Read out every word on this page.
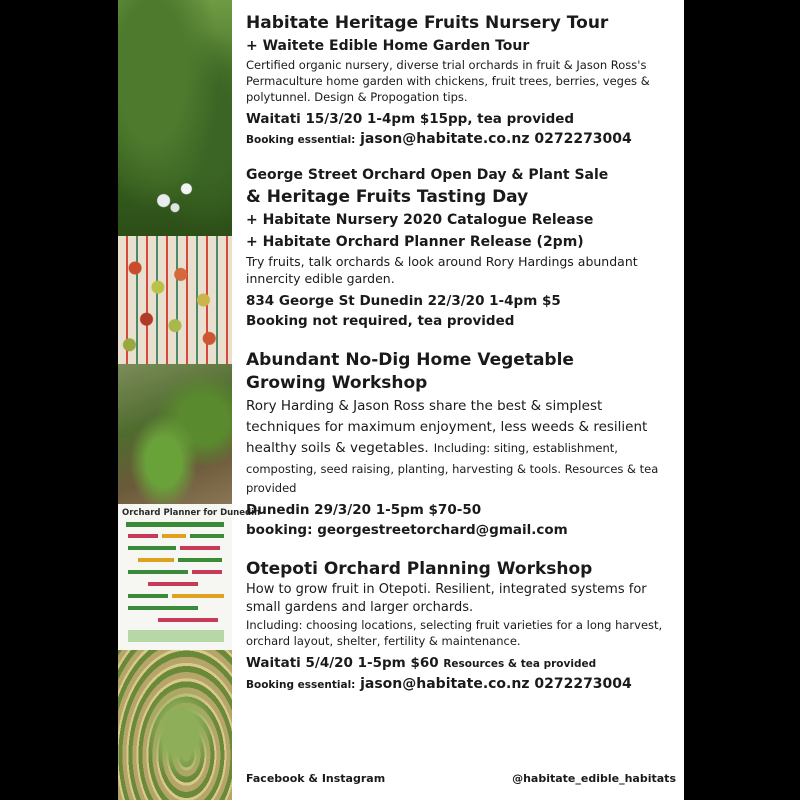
Orchard Planner for Dunedin
Habitate Heritage Fruits Nursery Tour
+ Waitete Edible Home Garden Tour
Certified organic nursery, diverse trial orchards in fruit & Jason Ross's Permaculture home garden with chickens, fruit trees, berries, veges & polytunnel. Design & Propogation tips.
Waitati 15/3/20 1-4pm $15pp, tea provided
Booking essential: jason@habitate.co.nz 0272273004
George Street Orchard Open Day & Plant Sale
& Heritage Fruits Tasting Day
+ Habitate Nursery 2020 Catalogue Release
+ Habitate Orchard Planner Release (2pm)
Try fruits, talk orchards & look around Rory Hardings abundant innercity edible garden.
834 George St Dunedin 22/3/20 1-4pm $5
Booking not required, tea provided
Abundant No-Dig Home Vegetable
Growing Workshop
Rory Harding & Jason Ross share the best & simplest techniques for maximum enjoyment, less weeds & resilient healthy soils & vegetables. Including: siting, establishment, composting, seed raising, planting, harvesting & tools. Resources & tea provided
Dunedin 29/3/20 1-5pm $70-50
booking: georgestreetorchard@gmail.com
Otepoti Orchard Planning Workshop
How to grow fruit in Otepoti. Resilient, integrated systems for small gardens and larger orchards.
Including: choosing locations, selecting fruit varieties for a long harvest, orchard layout, shelter, fertility & maintenance.
Waitati 5/4/20 1-5pm $60 Resources & tea provided
Booking essential: jason@habitate.co.nz 0272273004
Facebook & Instagram	@habitate_edible_habitats
